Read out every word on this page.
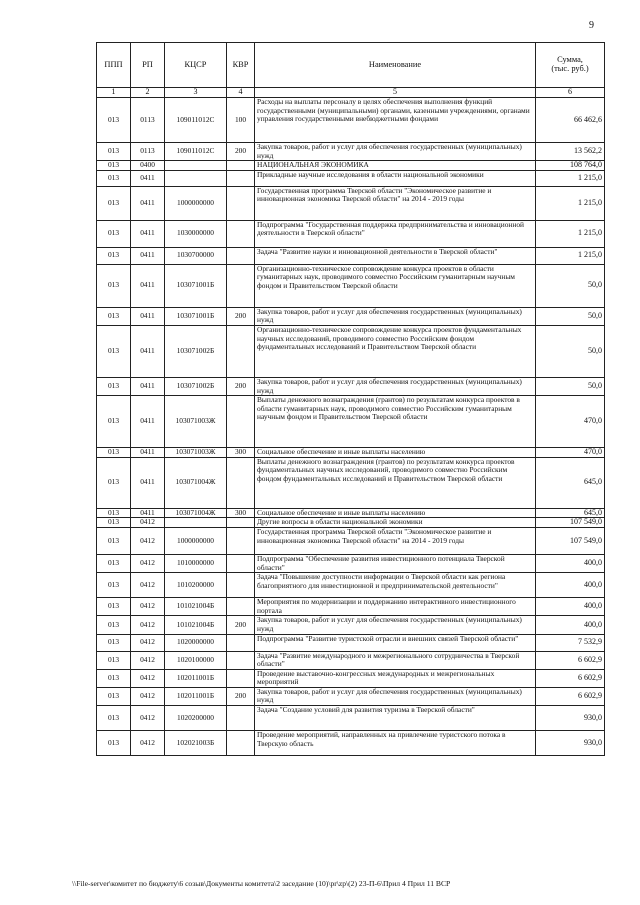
9
ППП	РП	КЦСР	КВР	Наименование	Сумма,
(тыс. руб.)
1	2	3	4	5	6
013	0113	109011012С	100	Расходы на выплаты персоналу в целях обеспечения выполнения функций государственными (муниципальными) органами, казенными учреждениями, органами управления государственными внебюджетными фондами	66 462,6
013	0113	109011012С	200	Закупка товаров, работ и услуг для обеспечения государственных (муниципальных) нужд	13 562,2
013	0400			НАЦИОНАЛЬНАЯ ЭКОНОМИКА	108 764,0
013	0411			Прикладные научные исследования в области национальной экономики	1 215,0
013	0411	1000000000		Государственная программа Тверской области "Экономическое развитие и инновационная экономика Тверской области" на 2014 - 2019 годы	1 215,0
013	0411	1030000000		Подпрограмма "Государственная поддержка предпринимательства и инновационной деятельности в Тверской области"	1 215,0
013	0411	1030700000		Задача "Развитие науки и инновационной деятельности в Тверской области"	1 215,0
013	0411	103071001Б		Организационно-техническое сопровождение конкурса проектов в области гуманитарных наук, проводимого совместно Российским гуманитарным научным фондом и Правительством Тверской области	50,0
013	0411	103071001Б	200	Закупка товаров, работ и услуг для обеспечения государственных (муниципальных) нужд	50,0
013	0411	103071002Б		Организационно-техническое сопровождение конкурса проектов фундаментальных научных исследований, проводимого совместно Российским фондом фундаментальных исследований и Правительством Тверской области	50,0
013	0411	103071002Б	200	Закупка товаров, работ и услуг для обеспечения государственных (муниципальных) нужд	50,0
013	0411	103071003Ж		Выплаты денежного вознаграждения (грантов) по результатам конкурса проектов в области гуманитарных наук, проводимого совместно Российским гуманитарным научным фондом и Правительством Тверской области	470,0
013	0411	103071003Ж	300	Социальное обеспечение и иные выплаты населению	470,0
013	0411	103071004Ж		Выплаты денежного вознаграждения (грантов) по результатам конкурса проектов фундаментальных научных исследований, проводимого совместно Российским фондом фундаментальных исследований и Правительством Тверской области	645,0
013	0411	103071004Ж	300	Социальное обеспечение и иные выплаты населению	645,0
013	0412			Другие вопросы в области национальной экономики	107 549,0
013	0412	1000000000		Государственная программа Тверской области "Экономическое развитие и инновационная экономика Тверской области" на 2014 - 2019 годы	107 549,0
013	0412	1010000000		Подпрограмма "Обеспечение развития инвестиционного потенциала Тверской области"	400,0
013	0412	1010200000		Задача "Повышение доступности информации о Тверской области как региона благоприятного для инвестиционной и предпринимательской деятельности"	400,0
013	0412	101021004Б		Мероприятия по модернизации и поддержанию интерактивного инвестиционного портала	400,0
013	0412	101021004Б	200	Закупка товаров, работ и услуг для обеспечения государственных (муниципальных) нужд	400,0
013	0412	1020000000		Подпрограмма "Развитие туристской отрасли и внешних связей Тверской области"	7 532,9
013	0412	1020100000		Задача "Развитие международного и межрегионального сотрудничества в Тверской области"	6 602,9
013	0412	102011001Б		Проведение выставочно-конгрессных международных и межрегиональных мероприятий	6 602,9
013	0412	102011001Б	200	Закупка товаров, работ и услуг для обеспечения государственных (муниципальных) нужд	6 602,9
013	0412	1020200000		Задача "Создание условий для развития туризма в Тверской области"	930,0
013	0412	102021003Б		Проведение мероприятий, направленных на привлечение туристского потока в Тверскую область	930,0
\\File-server\комитет по бюджету\6 созыв\Документы комитета\2 заседание (10)\pr\zp\(2) 23-П-6\Прил 4 Прил 11 ВСР
